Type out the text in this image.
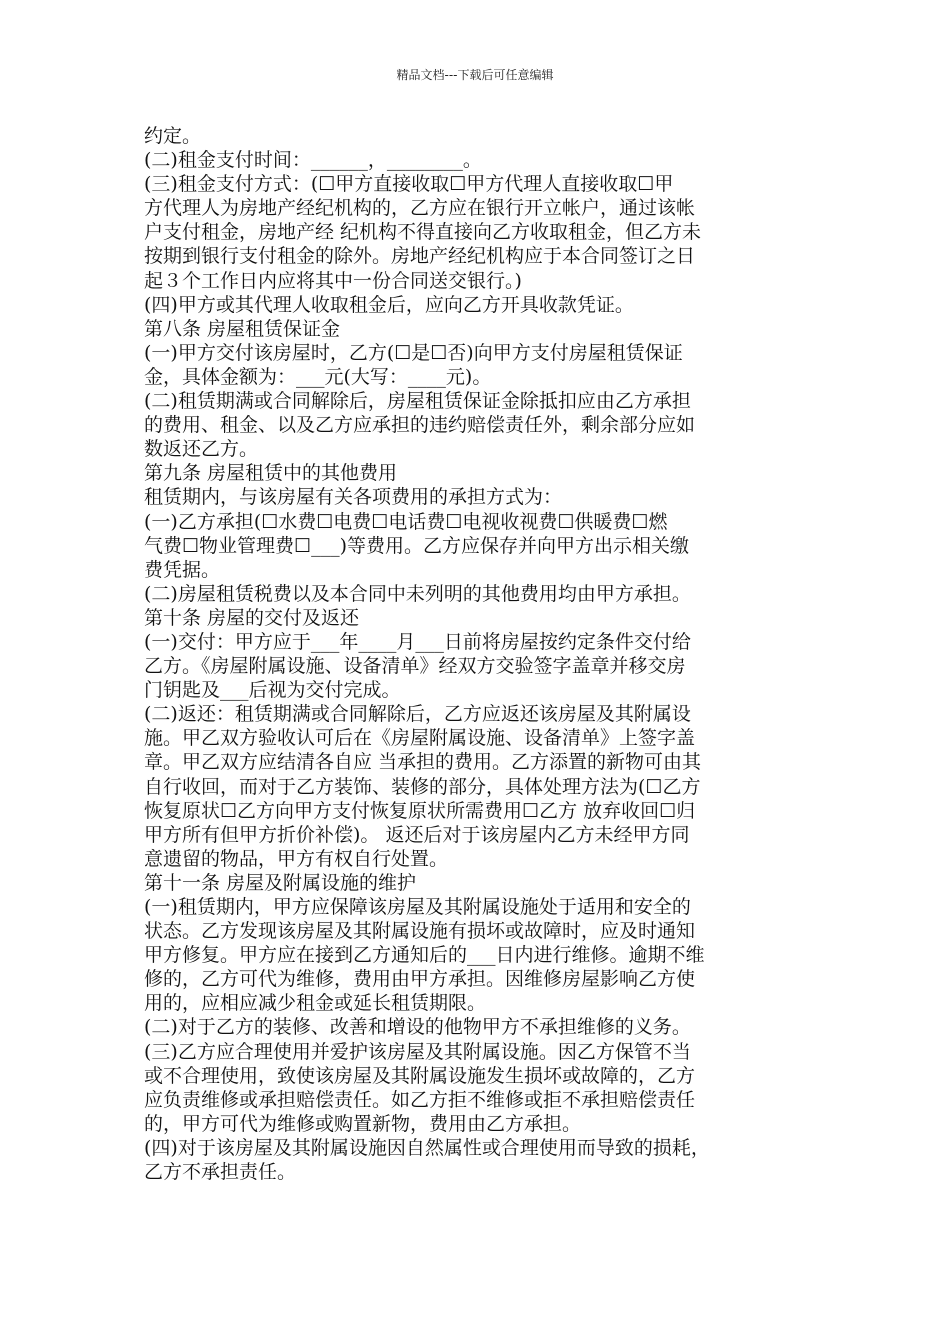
精品文档---下载后可任意编辑
约定。
(二)租金支付时间：______，________。
(三)租金支付方式：(☐甲方直接收取☐甲方代理人直接收取☐甲
方代理人为房地产经纪机构的，乙方应在银行开立帐户，通过该帐
户支付租金，房地产经 纪机构不得直接向乙方收取租金，但乙方未
按期到银行支付租金的除外。房地产经纪机构应于本合同签订之日
起３个工作日内应将其中一份合同送交银行。)
(四)甲方或其代理人收取租金后，应向乙方开具收款凭证。
第八条 房屋租赁保证金
(一)甲方交付该房屋时，乙方(☐是☐否)向甲方支付房屋租赁保证
金，具体金额为：___元(大写：____元)。
(二)租赁期满或合同解除后，房屋租赁保证金除抵扣应由乙方承担
的费用、租金、以及乙方应承担的违约赔偿责任外，剩余部分应如
数返还乙方。
第九条 房屋租赁中的其他费用
租赁期内，与该房屋有关各项费用的承担方式为：
(一)乙方承担(☐水费☐电费☐电话费☐电视收视费☐供暖费☐燃
气费☐物业管理费☐___)等费用。乙方应保存并向甲方出示相关缴
费凭据。
(二)房屋租赁税费以及本合同中未列明的其他费用均由甲方承担。
第十条 房屋的交付及返还
(一)交付：甲方应于___年____月___日前将房屋按约定条件交付给
乙方。《房屋附属设施、设备清单》经双方交验签字盖章并移交房
门钥匙及___后视为交付完成。
(二)返还：租赁期满或合同解除后，乙方应返还该房屋及其附属设
施。甲乙双方验收认可后在《房屋附属设施、设备清单》上签字盖
章。甲乙双方应结清各自应 当承担的费用。乙方添置的新物可由其
自行收回，而对于乙方装饰、装修的部分，具体处理方法为(☐乙方
恢复原状☐乙方向甲方支付恢复原状所需费用☐乙方 放弃收回☐归
甲方所有但甲方折价补偿)。 返还后对于该房屋内乙方未经甲方同
意遗留的物品，甲方有权自行处置。
第十一条 房屋及附属设施的维护
(一)租赁期内，甲方应保障该房屋及其附属设施处于适用和安全的
状态。乙方发现该房屋及其附属设施有损坏或故障时，应及时通知
甲方修复。甲方应在接到乙方通知后的___日内进行维修。逾期不维
修的，乙方可代为维修，费用由甲方承担。因维修房屋影响乙方使
用的，应相应减少租金或延长租赁期限。
(二)对于乙方的装修、改善和增设的他物甲方不承担维修的义务。
(三)乙方应合理使用并爱护该房屋及其附属设施。因乙方保管不当
或不合理使用，致使该房屋及其附属设施发生损坏或故障的，乙方
应负责维修或承担赔偿责任。如乙方拒不维修或拒不承担赔偿责任
的，甲方可代为维修或购置新物，费用由乙方承担。
(四)对于该房屋及其附属设施因自然属性或合理使用而导致的损耗，
乙方不承担责任。
